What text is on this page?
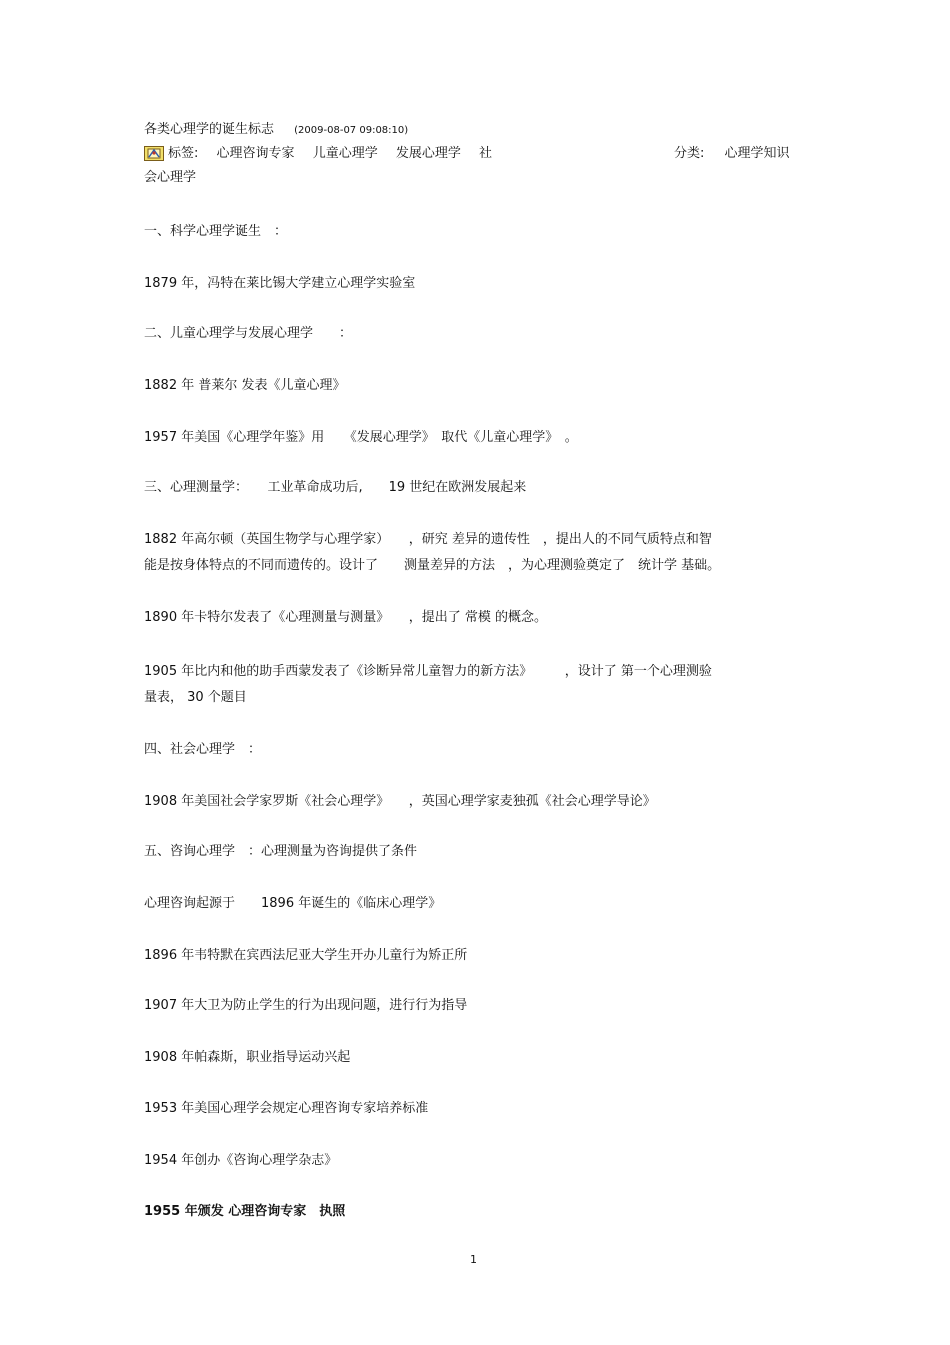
各类心理学的诞生标志 (2009-08-07 09:08:10)
标签: 心理咨询专家 儿童心理学 发展心理学 社	分类: 心理学知识
会心理学
一、科学心理学诞生　：
1879 年，冯特在莱比锡大学建立心理学实验室
二、儿童心理学与发展心理学　　：
1882 年 普莱尔 发表《儿童心理》
1957 年美国《心理学年鉴》用　　《发展心理学》　取代《儿童心理学》　。
三、心理测量学：　　工业革命成功后,　　19 世纪在欧洲发展起来
1882 年高尔顿（英国生物学与心理学家）　　，研究 差异的遗传性　，提出人的不同气质特点和智
能是按身体特点的不同而遗传的。设计了　　测量差异的方法　，为心理测验奠定了　统计学 基础。
1890 年卡特尔发表了《心理测量与测量》　　，提出了 常模 的概念。
1905 年比内和他的助手西蒙发表了《诊断异常儿童智力的新方法》　　　，设计了 第一个心理测验
量表， 30 个题目
四、社会心理学　：
1908 年美国社会学家罗斯《社会心理学》　　，英国心理学家麦独孤《社会心理学导论》
五、咨询心理学　：心理测量为咨询提供了条件
心理咨询起源于　　1896 年诞生的《临床心理学》
1896 年韦特默在宾西法尼亚大学生开办儿童行为矫正所
1907 年大卫为防止学生的行为出现问题，进行行为指导
1908 年帕森斯，职业指导运动兴起
1953 年美国心理学会规定心理咨询专家培养标准
1954 年创办《咨询心理学杂志》
1955 年颁发 心理咨询专家　执照
1
